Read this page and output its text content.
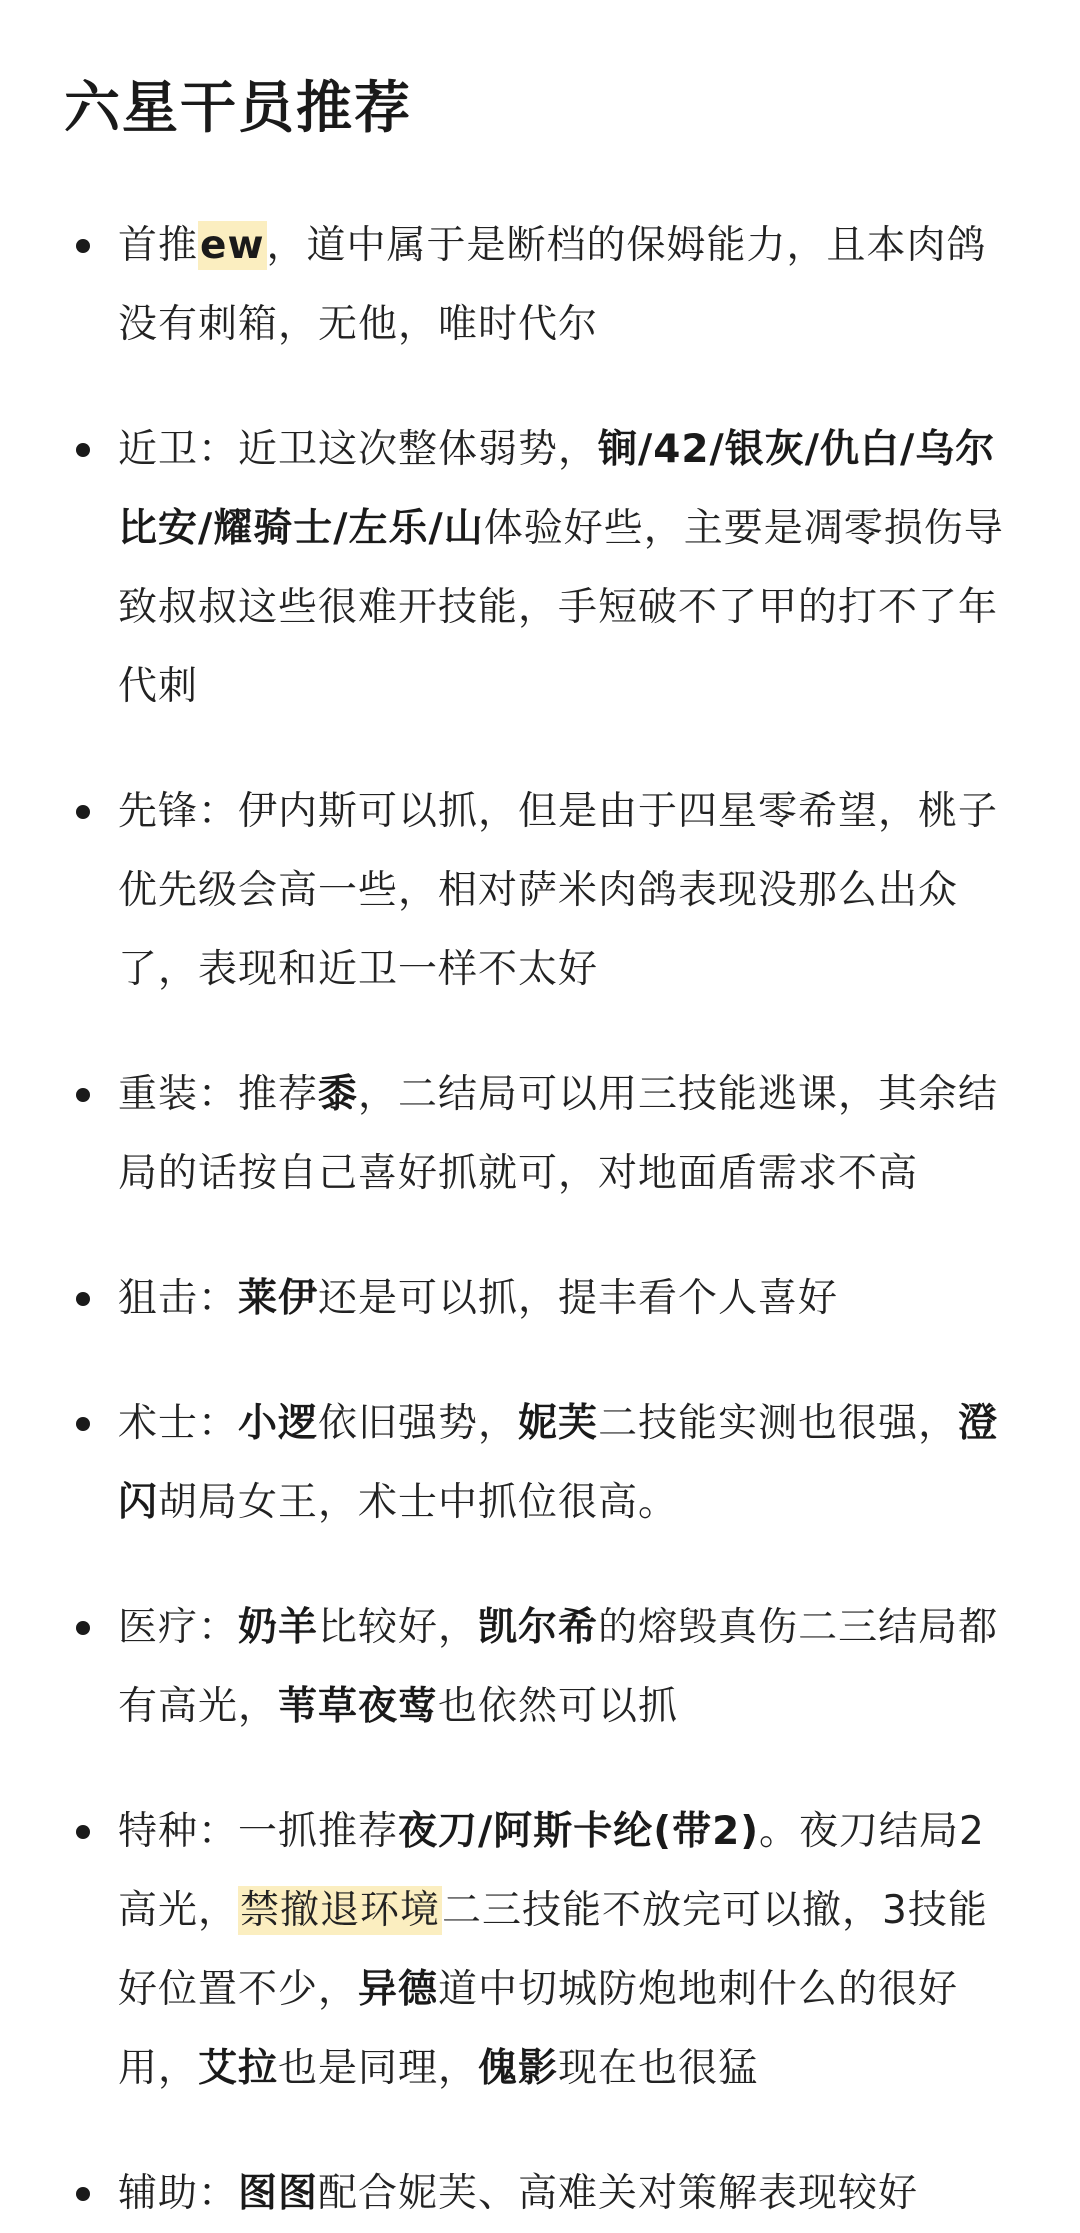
六星干员推荐
首推ew，道中属于是断档的保姆能力，且本肉鸽没有刺箱，无他，唯时代尔
近卫：近卫这次整体弱势，锏/42/银灰/仇白/乌尔比安/耀骑士/左乐/山体验好些，主要是凋零损伤导致叔叔这些很难开技能，手短破不了甲的打不了年代刺
先锋：伊内斯可以抓，但是由于四星零希望，桃子优先级会高一些，相对萨米肉鸽表现没那么出众了，表现和近卫一样不太好
重装：推荐黍，二结局可以用三技能逃课，其余结局的话按自己喜好抓就可，对地面盾需求不高
狙击：莱伊还是可以抓，提丰看个人喜好
术士：小逻依旧强势，妮芙二技能实测也很强，澄闪胡局女王，术士中抓位很高。
医疗：奶羊比较好，凯尔希的熔毁真伤二三结局都有高光，苇草夜莺也依然可以抓
特种：一抓推荐夜刀/阿斯卡纶(带2)。夜刀结局2高光，禁撤退环境二三技能不放完可以撤，3技能好位置不少，异德道中切城防炮地刺什么的很好用，艾拉也是同理，傀影现在也很猛
辅助：图图配合妮芙、高难关对策解表现较好
